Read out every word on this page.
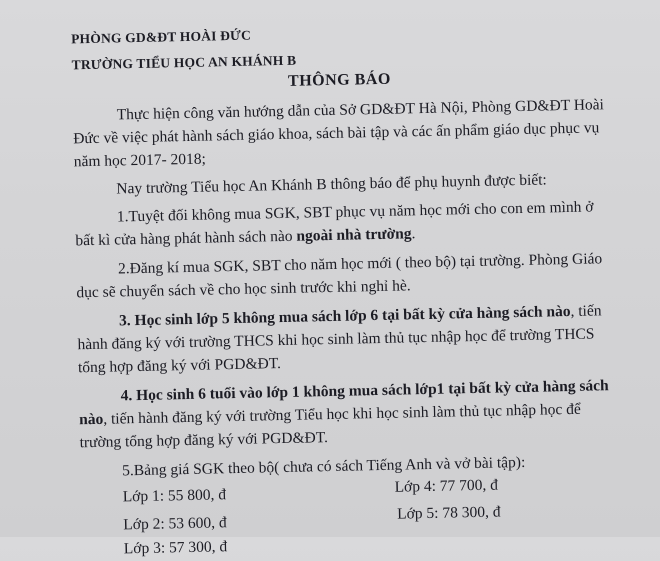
PHÒNG GD&ĐT HOÀI ĐỨC
TRƯỜNG TIỂU HỌC AN KHÁNH B
THÔNG BÁO
Thực hiện công văn hướng dẫn của Sở GD&ĐT Hà Nội, Phòng GD&ĐT Hoài
Đức về việc phát hành sách giáo khoa, sách bài tập và các ấn phẩm giáo dục phục vụ
năm học 2017- 2018;
Nay trường Tiểu học An Khánh B thông báo để phụ huynh được biết:
1.Tuyệt đối không mua SGK, SBT phục vụ năm học mới cho con em mình ở
bất kì cửa hàng phát hành sách nào ngoài nhà trường.
2.Đăng kí mua SGK, SBT cho năm học mới ( theo bộ) tại trường. Phòng Giáo
dục sẽ chuyển sách về cho học sinh trước khi nghỉ hè.
3. Học sinh lớp 5 không mua sách lớp 6 tại bất kỳ cửa hàng sách nào, tiến
hành đăng ký với trường THCS khi học sinh làm thủ tục nhập học để trường THCS
tổng hợp đăng ký với PGD&ĐT.
4. Học sinh 6 tuổi vào lớp 1 không mua sách lớp1 tại bất kỳ cửa hàng sách
nào, tiến hành đăng ký với trường Tiểu học khi học sinh làm thủ tục nhập học để
trường tổng hợp đăng ký với PGD&ĐT.
5.Bảng giá SGK theo bộ( chưa có sách Tiếng Anh và vở bài tập):
Lớp 1: 55 800, đ
Lớp 4: 77 700, đ
Lớp 2: 53 600, đ
Lớp 5: 78 300, đ
Lớp 3: 57 300, đ
